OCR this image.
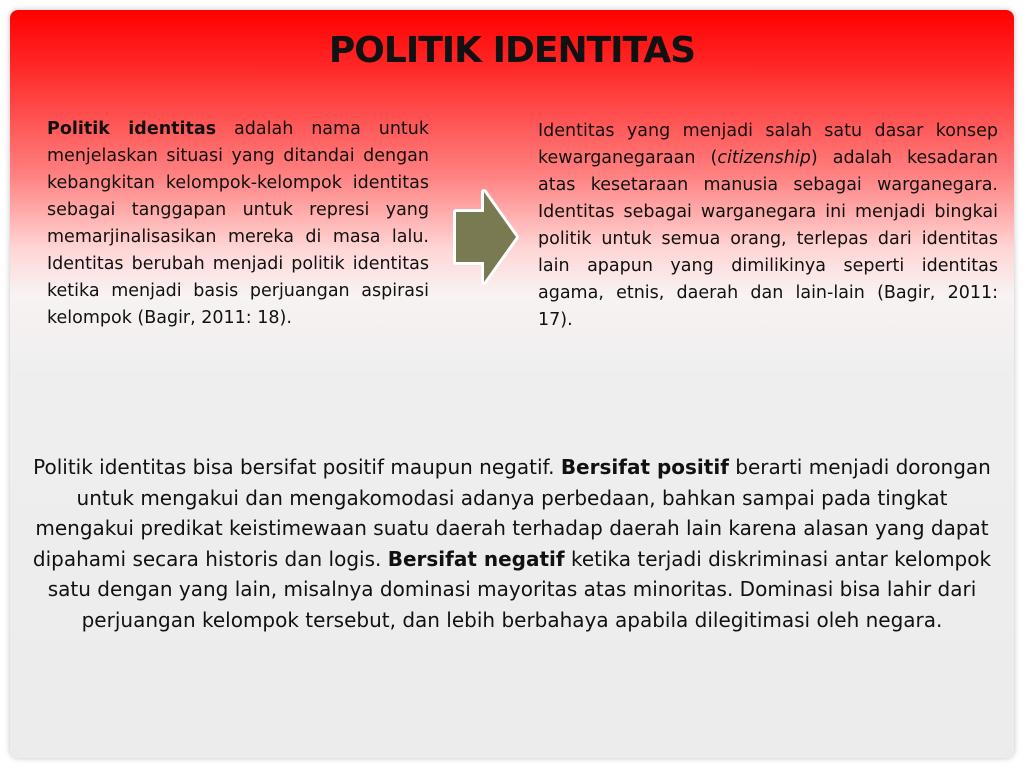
POLITIK IDENTITAS
Politik identitas adalah nama untuk menjelaskan situasi yang ditandai dengan kebangkitan kelompok-kelompok identitas sebagai tanggapan untuk represi yang memarjinalisasikan mereka di masa lalu. Identitas berubah menjadi politik identitas ketika menjadi basis perjuangan aspirasi kelompok (Bagir, 2011: 18).
Identitas yang menjadi salah satu dasar konsep kewarganegaraan (citizenship) adalah kesadaran atas kesetaraan manusia sebagai warganegara. Identitas sebagai warganegara ini menjadi bingkai politik untuk semua orang, terlepas dari identitas lain apapun yang dimilikinya seperti identitas agama, etnis, daerah dan lain-lain (Bagir, 2011: 17).
Politik identitas bisa bersifat positif maupun negatif. Bersifat positif berarti menjadi dorongan untuk mengakui dan mengakomodasi adanya perbedaan, bahkan sampai pada tingkat mengakui predikat keistimewaan suatu daerah terhadap daerah lain karena alasan yang dapat dipahami secara historis dan logis. Bersifat negatif ketika terjadi diskriminasi antar kelompok satu dengan yang lain, misalnya dominasi mayoritas atas minoritas. Dominasi bisa lahir dari perjuangan kelompok tersebut, dan lebih berbahaya apabila dilegitimasi oleh negara.
